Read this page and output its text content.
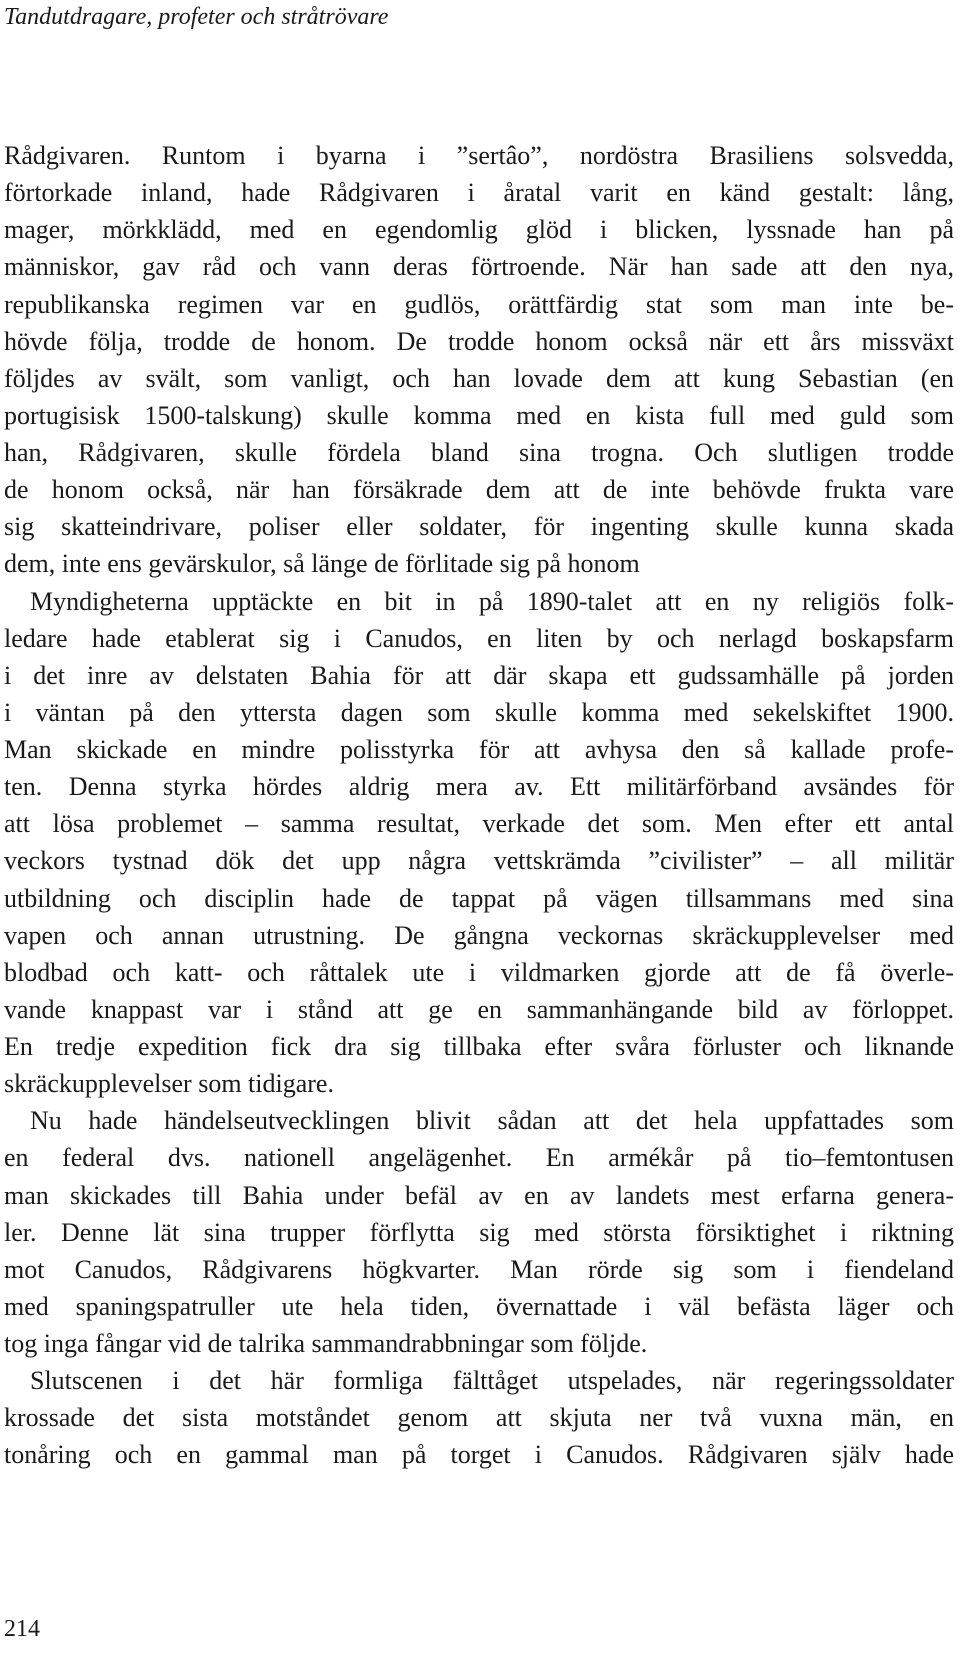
Tandutdragare, profeter och stråtrövare
Rådgivaren. Runtom i byarna i ”sertâo”, nordöstra Brasiliens solsvedda,
förtorkade inland, hade Rådgivaren i åratal varit en känd gestalt: lång,
mager, mörkklädd, med en egendomlig glöd i blicken, lyssnade han på
människor, gav råd och vann deras förtroende. När han sade att den nya,
republikanska regimen var en gudlös, orättfärdig stat som man inte be-
hövde följa, trodde de honom. De trodde honom också när ett års missväxt
följdes av svält, som vanligt, och han lovade dem att kung Sebastian (en
portugisisk 1500-talskung) skulle komma med en kista full med guld som
han, Rådgivaren, skulle fördela bland sina trogna. Och slutligen trodde
de honom också, när han försäkrade dem att de inte behövde frukta vare
sig skatteindrivare, poliser eller soldater, för ingenting skulle kunna skada
dem, inte ens gevärskulor, så länge de förlitade sig på honom
Myndigheterna upptäckte en bit in på 1890-talet att en ny religiös folk-
ledare hade etablerat sig i Canudos, en liten by och nerlagd boskapsfarm
i det inre av delstaten Bahia för att där skapa ett gudssamhälle på jorden
i väntan på den yttersta dagen som skulle komma med sekelskiftet 1900.
Man skickade en mindre polisstyrka för att avhysa den så kallade profe-
ten. Denna styrka hördes aldrig mera av. Ett militärförband avsändes för
att lösa problemet – samma resultat, verkade det som. Men efter ett antal
veckors tystnad dök det upp några vettskrämda ”civilister” – all militär
utbildning och disciplin hade de tappat på vägen tillsammans med sina
vapen och annan utrustning. De gångna veckornas skräckupplevelser med
blodbad och katt- och råttalek ute i vildmarken gjorde att de få överle-
vande knappast var i stånd att ge en sammanhängande bild av förloppet.
En tredje expedition fick dra sig tillbaka efter svåra förluster och liknande
skräckupplevelser som tidigare.
Nu hade händelseutvecklingen blivit sådan att det hela uppfattades som
en federal dvs. nationell angelägenhet. En armékår på tio–femtontusen
man skickades till Bahia under befäl av en av landets mest erfarna genera-
ler. Denne lät sina trupper förflytta sig med största försiktighet i riktning
mot Canudos, Rådgivarens högkvarter. Man rörde sig som i fiendeland
med spaningspatruller ute hela tiden, övernattade i väl befästa läger och
tog inga fångar vid de talrika sammandrabbningar som följde.
Slutscenen i det här formliga fälttåget utspelades, när regeringssoldater
krossade det sista motståndet genom att skjuta ner två vuxna män, en
tonåring och en gammal man på torget i Canudos. Rådgivaren själv hade
214
